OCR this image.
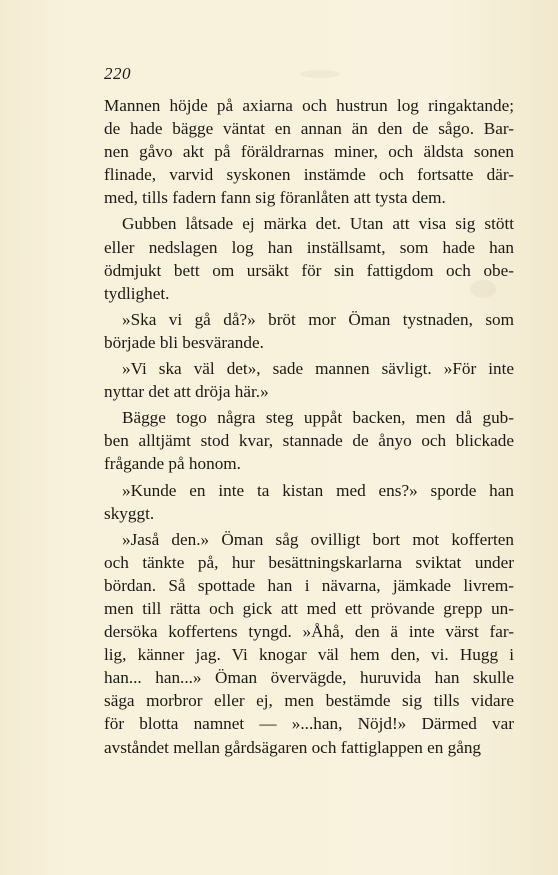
220

Mannen höjde på axiarna och hustrun log ringaktande;
de hade bägge väntat en annan än den de sågo. Bar-
nen gåvo akt på föräldrarnas miner, och äldsta sonen
flinade, varvid syskonen instämde och fortsatte där-
med, tills fadern fann sig föranlåten att tysta dem.

Gubben låtsade ej märka det. Utan att visa sig stött
eller nedslagen log han inställsamt, som hade han
ödmjukt bett om ursäkt för sin fattigdom och obe-
tydlighet.

»Ska vi gå då?» bröt mor Öman tystnaden, som
började bli besvärande.

»Vi ska väl det», sade mannen sävligt. »För inte
nyttar det att dröja här.»

Bägge togo några steg uppåt backen, men då gub-
ben alltjämt stod kvar, stannade de ånyo och blickade
frågande på honom.

»Kunde en inte ta kistan med ens?» sporde han
skyggt.

»Jaså den.» Öman såg ovilligt bort mot kofferten
och tänkte på, hur besättningskarlarna sviktat under
bördan. Så spottade han i nävarna, jämkade livrem-
men till rätta och gick att med ett prövande grepp un-
dersöka koffertens tyngd. »Åhå, den ä inte värst far-
lig, känner jag. Vi knogar väl hem den, vi. Hugg i
han... han...» Öman övervägde, huruvida han skulle
säga morbror eller ej, men bestämde sig tills vidare
för blotta namnet — »...han, Nöjd!» Därmed var
avståndet mellan gårdsägaren och fattiglappen en gång
